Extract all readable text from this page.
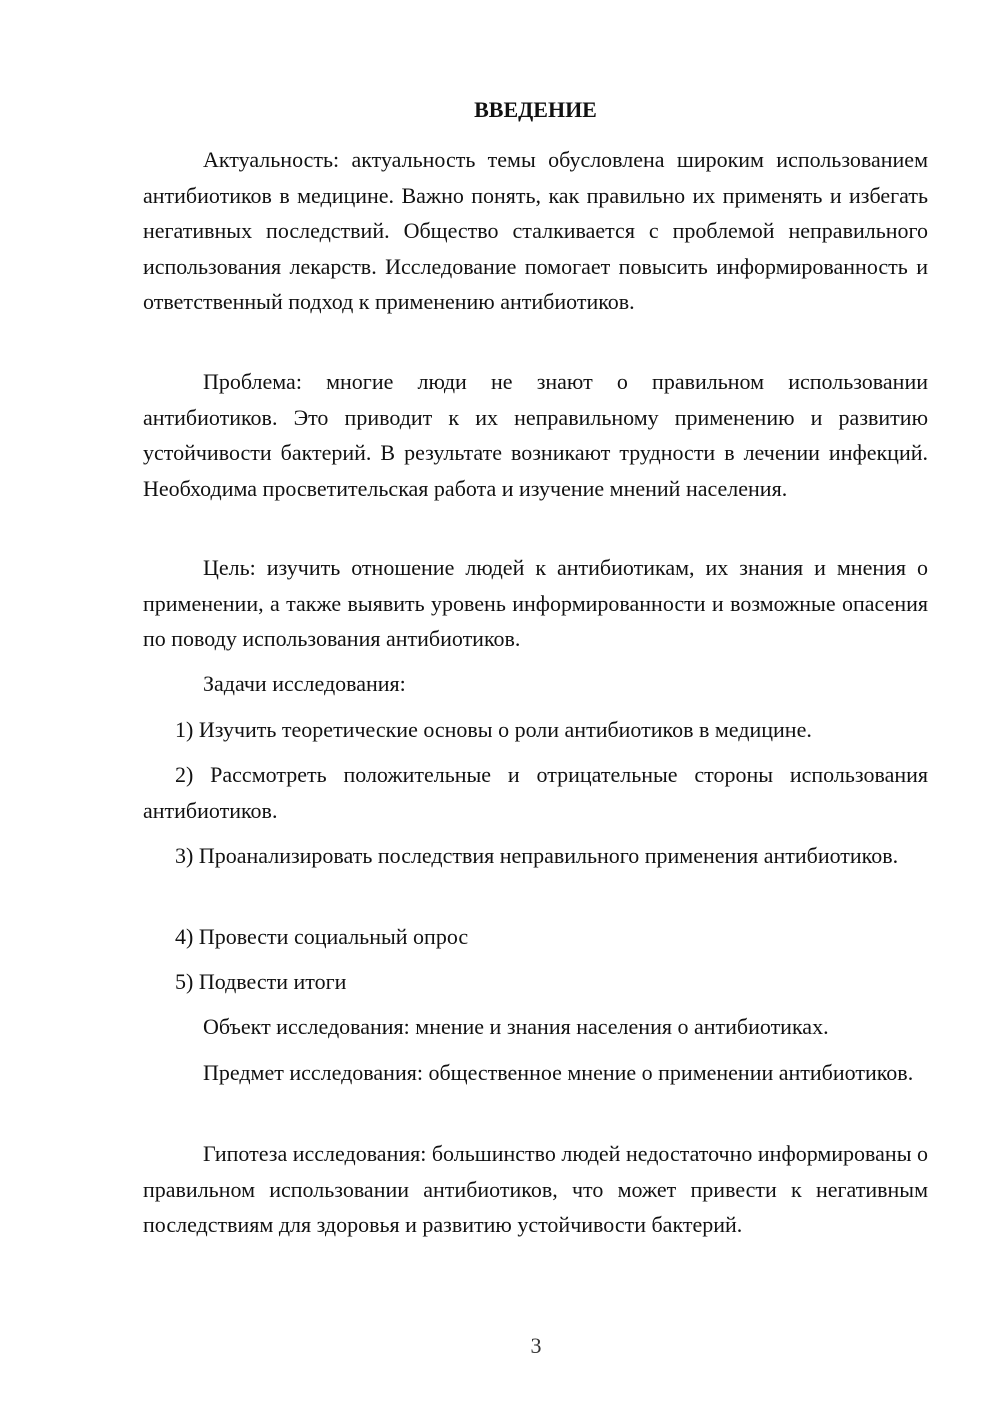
ВВЕДЕНИЕ

Актуальность: актуальность темы обусловлена широким использованием антибиотиков в медицине. Важно понять, как правильно их применять и избегать негативных последствий. Общество сталкивается с проблемой неправильного использования лекарств. Исследование помогает повысить информированность и ответственный подход к применению антибиотиков.

Проблема: многие люди не знают о правильном использовании антибиотиков. Это приводит к их неправильному применению и развитию устойчивости бактерий. В результате возникают трудности в лечении инфекций. Необходима просветительская работа и изучение мнений населения.

Цель: изучить отношение людей к антибиотикам, их знания и мнения о применении, а также выявить уровень информированности и возможные опасения по поводу использования антибиотиков.

Задачи исследования:

1) Изучить теоретические основы о роли антибиотиков в медицине.

2) Рассмотреть положительные и отрицательные стороны использования антибиотиков.

3) Проанализировать последствия неправильного применения антибиотиков.

4) Провести социальный опрос

5) Подвести итоги

Объект исследования: мнение и знания населения о антибиотиках.

Предмет исследования: общественное мнение о применении антибиотиков.

Гипотеза исследования: большинство людей недостаточно информированы о правильном использовании антибиотиков, что может привести к негативным последствиям для здоровья и развитию устойчивости бактерий.

3
